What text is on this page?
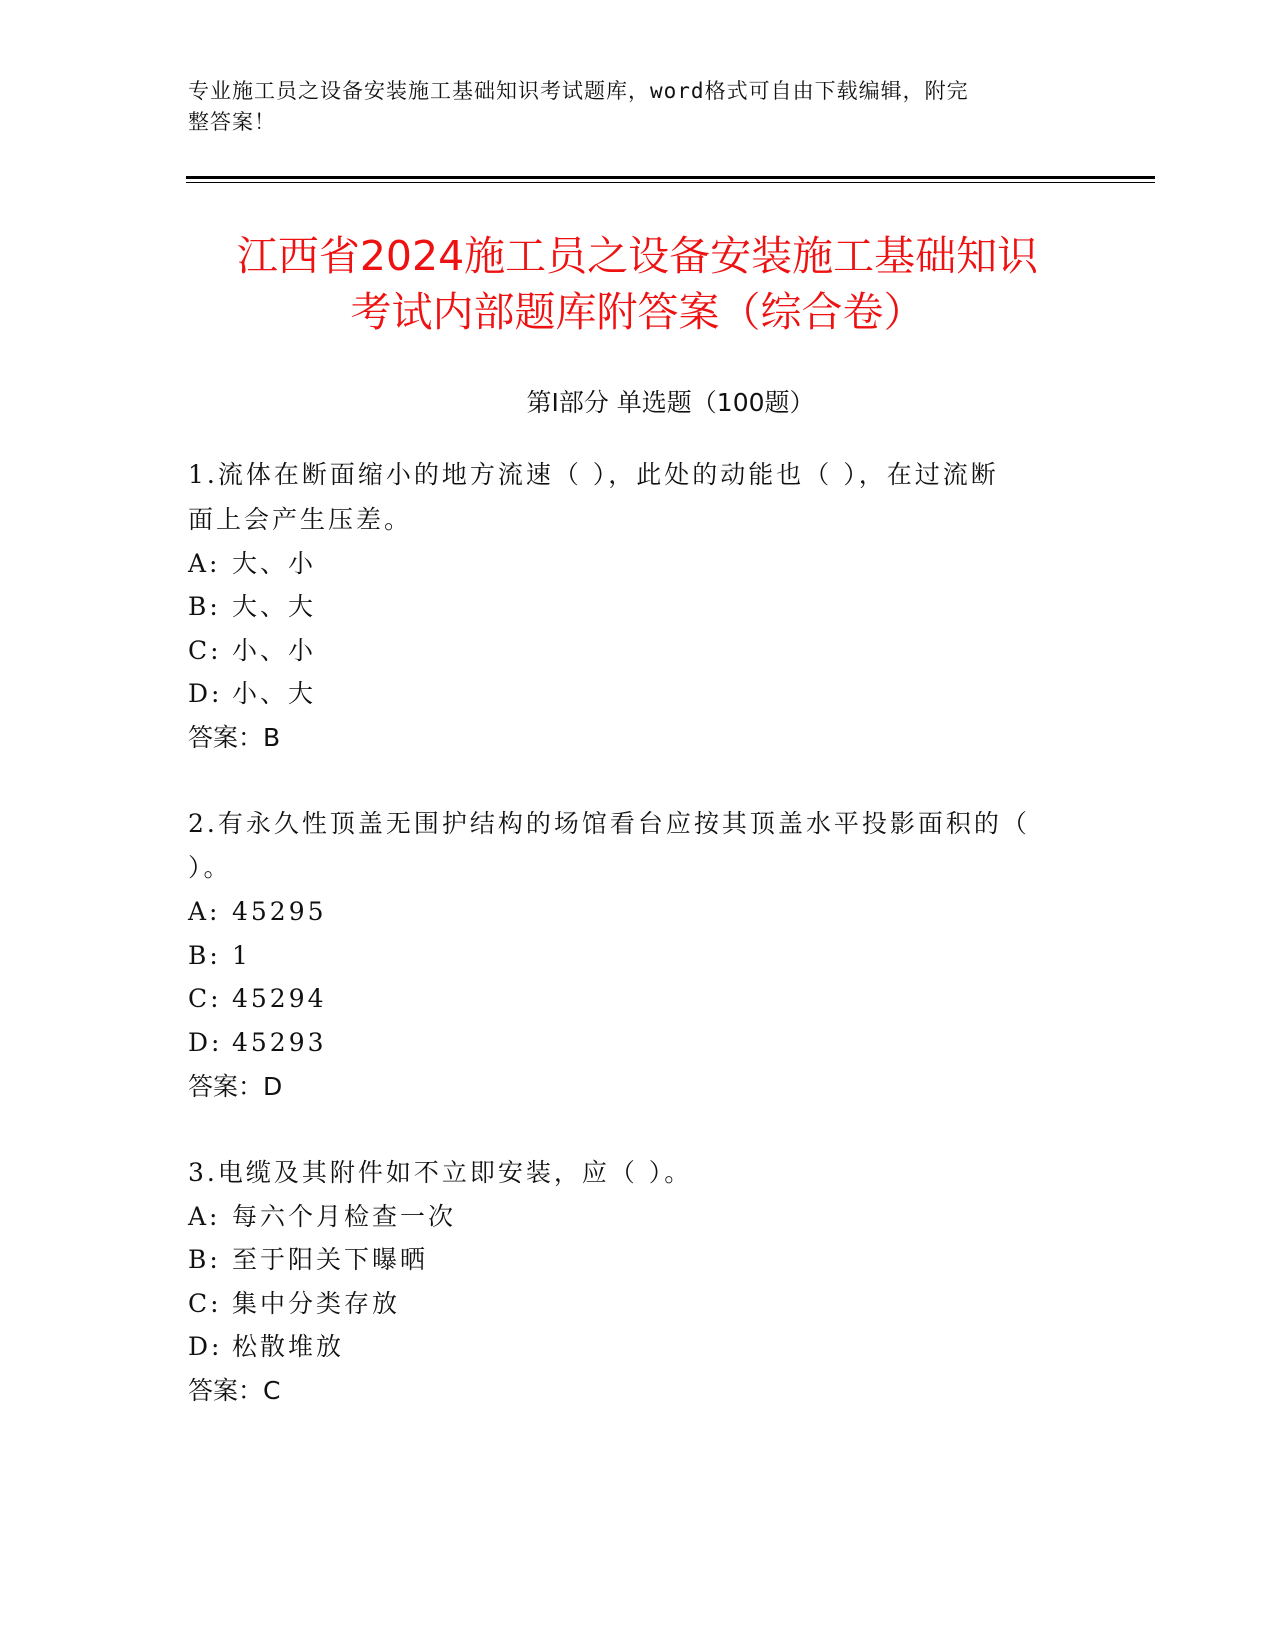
专业施工员之设备安装施工基础知识考试题库，word格式可自由下载编辑，附完
整答案！
江西省2024施工员之设备安装施工基础知识
考试内部题库附答案（综合卷）
第Ⅰ部分 单选题（100题）
1.流体在断面缩小的地方流速（ ），此处的动能也（ ），在过流断
面上会产生压差。
A: 大、小
B: 大、大
C: 小、小
D: 小、大
答案：B
2.有永久性顶盖无围护结构的场馆看台应按其顶盖水平投影面积的（
）。
A: 45295
B: 1
C: 45294
D: 45293
答案：D
3.电缆及其附件如不立即安装，应（ ）。
A: 每六个月检查一次
B: 至于阳关下曝晒
C: 集中分类存放
D: 松散堆放
答案：C
